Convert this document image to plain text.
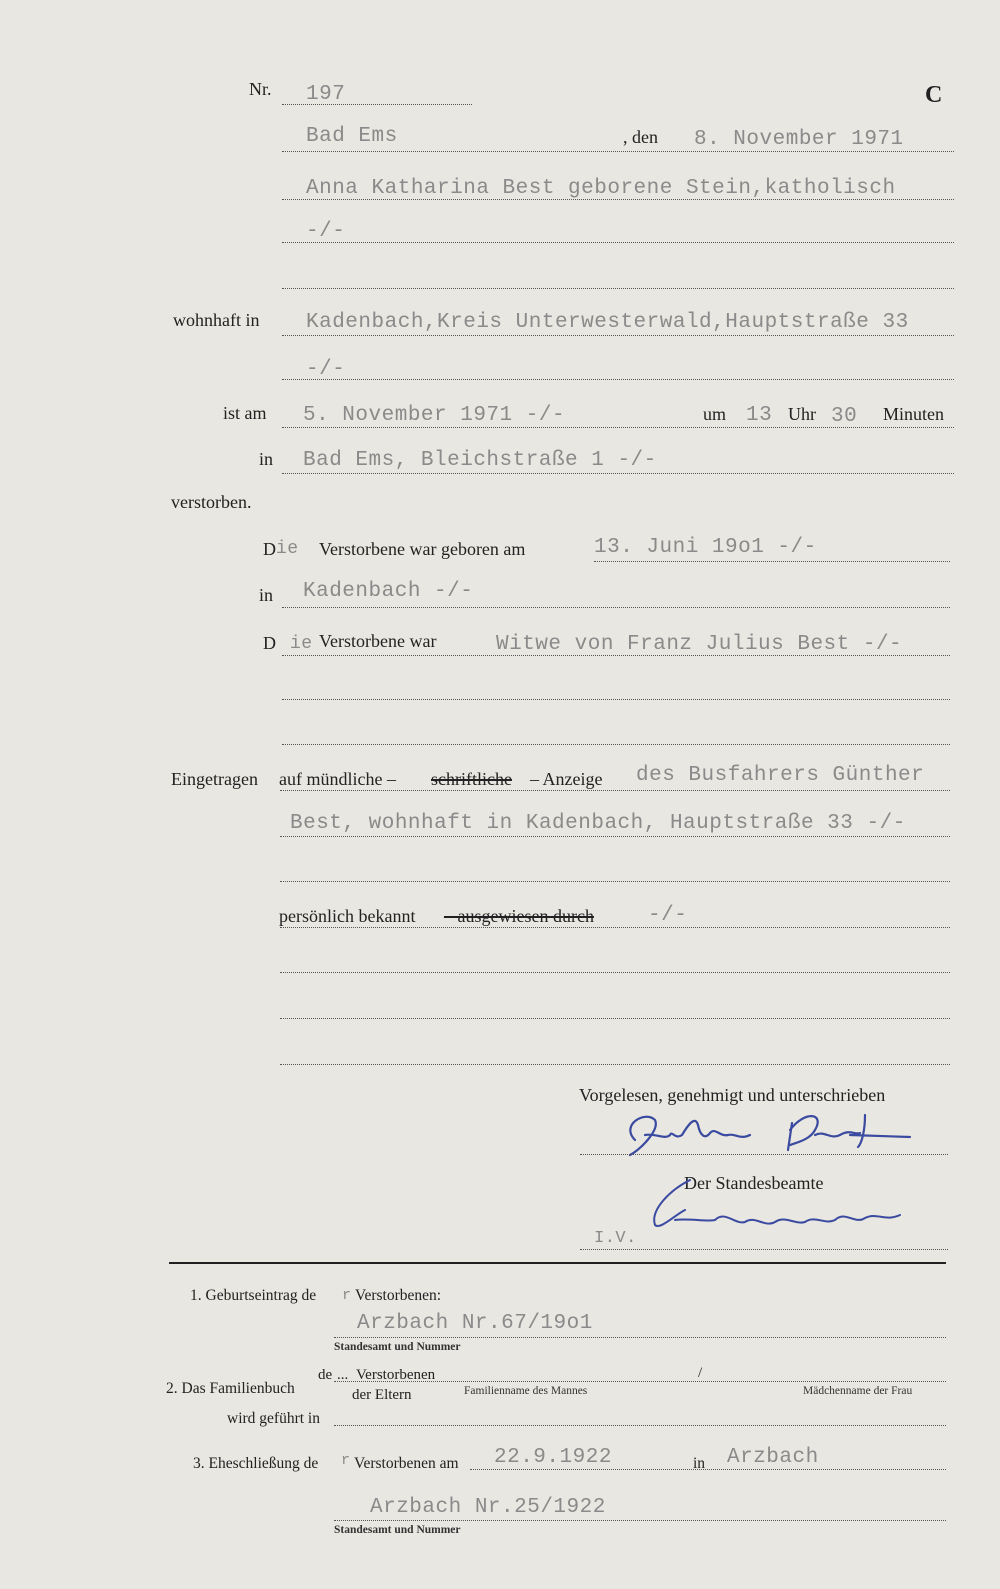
Nr. 197	C
Bad Ems	, den 8. November 1971
Anna Katharina Best geborene Stein,katholisch
-/-
wohnhaft in Kadenbach,Kreis Unterwesterwald,Hauptstraße 33
-/-
ist am 5. November 1971 -/-	um 13 Uhr 30 Minuten
in Bad Ems, Bleichstraße 1 -/-
verstorben.
D ie Verstorbene war geboren am	13. Juni 19o1 -/-
in Kadenbach -/-
D ie Verstorbene war	Witwe von Franz Julius Best -/-
Eingetragen auf mündliche – schriftliche – Anzeige des Busfahrers Günther
Best, wohnhaft in Kadenbach, Hauptstraße 33 -/-
persönlich bekannt – ausgewiesen durch	-/-
Vorgelesen, genehmigt und unterschrieben
Der Standesbeamte
I.V.
1. Geburtseintrag de r Verstorbenen:
Arzbach Nr.67/19o1
Standesamt und Nummer
de ... Verstorbenen	/
2. Das Familienbuch	der Eltern	Familienname des Mannes	Mädchenname der Frau
wird geführt in
3. Eheschließung de r Verstorbenen am 22.9.1922	in Arzbach
Arzbach Nr.25/1922
Standesamt und Nummer
